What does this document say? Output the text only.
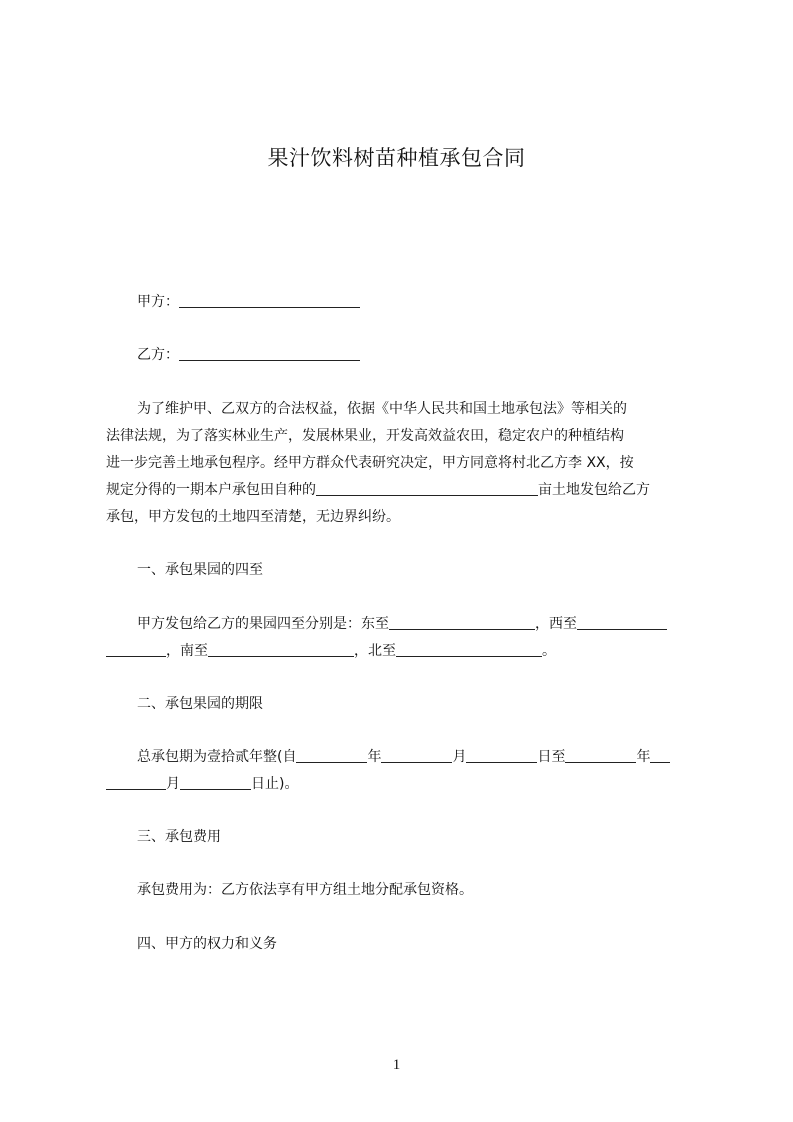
果汁饮料树苗种植承包合同
甲方：
乙方：
为了维护甲、乙双方的合法权益，依据《中华人民共和国土地承包法》等相关的
法律法规，为了落实林业生产，发展林果业，开发高效益农田，稳定农户的种植结构
进一步完善土地承包程序。经甲方群众代表研究决定，甲方同意将村北乙方李 XX，按
规定分得的一期本户承包田自种的	亩土地发包给乙方
承包，甲方发包的土地四至清楚，无边界纠纷。
一、承包果园的四至
甲方发包给乙方的果园四至分别是：东至	，西至
，南至	，北至	。
二、承包果园的期限
总承包期为壹拾贰年整(自	年	月	日至	年
月	日止)。
三、承包费用
承包费用为：乙方依法享有甲方组土地分配承包资格。
四、甲方的权力和义务
1
